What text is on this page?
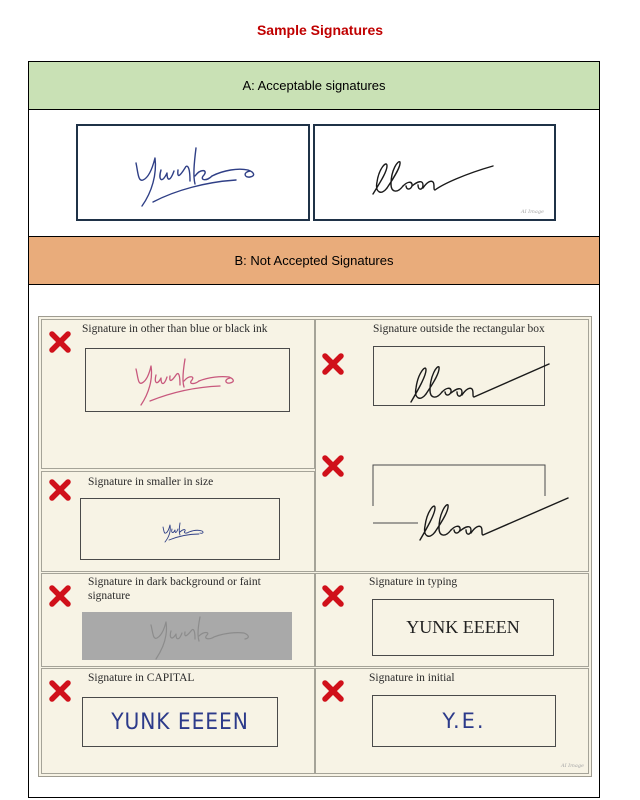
Sample Signatures
A: Acceptable signatures
AI Image
B: Not Accepted Signatures
Signature in other than blue or black ink	Signature outside the rectangular box
Signature in smaller in size
Signature in dark background or faint signature
Signature in typing
YUNK EEEEN
Signature in CAPITAL
YUNK EEEEN
Signature in initial
Y.E.
AI Image
